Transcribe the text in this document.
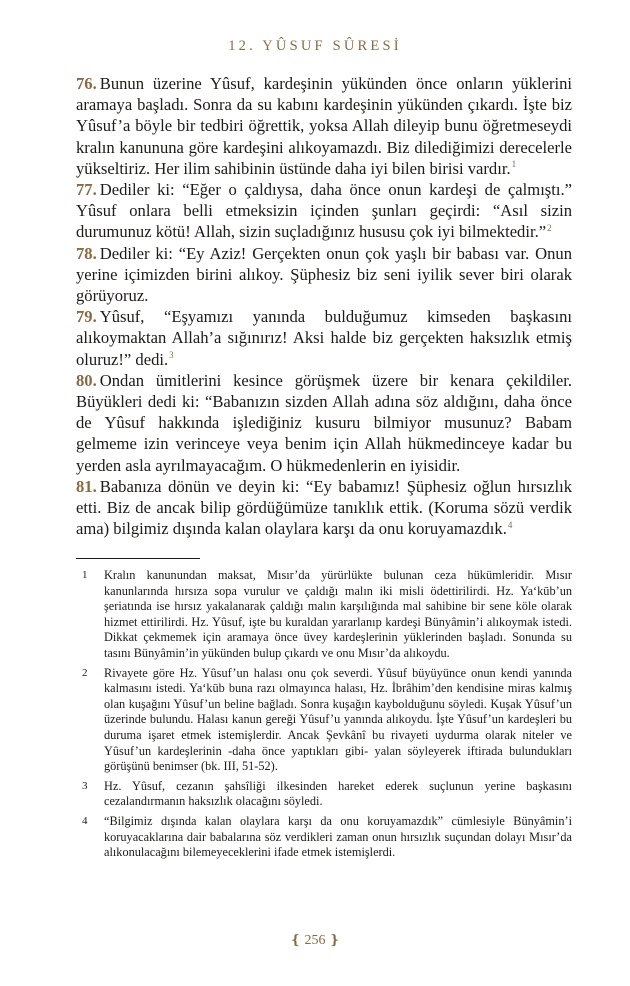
12. YÛSUF SÛRESİ

76. Bunun üzerine Yûsuf, kardeşinin yükünden önce onların yüklerini aramaya başladı. Sonra da su kabını kardeşinin yükünden çıkardı. İşte biz Yûsuf’a böyle bir tedbiri öğrettik, yoksa Allah dileyip bunu öğretmeseydi kralın kanununa göre kardeşini alıkoyamazdı. Biz dilediğimizi derecelerle yükseltiriz. Her ilim sahibinin üstünde daha iyi bilen birisi vardır.$^1$

77. Dediler ki: “Eğer o çaldıysa, daha önce onun kardeşi de çalmıştı.” Yûsuf onlara belli etmeksizin içinden şunları geçirdi: “Asıl sizin durumunuz kötü! Allah, sizin suçladığınız hususu çok iyi bilmektedir.”$^2$

78. Dediler ki: “Ey Aziz! Gerçekten onun çok yaşlı bir babası var. Onun yerine içimizden birini alıkoy. Şüphesiz biz seni iyilik sever biri olarak görüyoruz.

79. Yûsuf, “Eşyamızı yanında bulduğumuz kimseden başkasını alıkoymaktan Allah’a sığınırız! Aksi halde biz gerçekten haksızlık etmiş oluruz!” dedi.$^3$

80. Ondan ümitlerini kesince görüşmek üzere bir kenara çekildiler. Büyükleri dedi ki: “Babanızın sizden Allah adına söz aldığını, daha önce de Yûsuf hakkında işlediğiniz kusuru bilmiyor musunuz? Babam gelmeme izin verinceye veya benim için Allah hükmedinceye kadar bu yerden asla ayrılmayacağım. O hükmedenlerin en iyisidir.

81. Babanıza dönün ve deyin ki: “Ey babamız! Şüphesiz oğlun hırsızlık etti. Biz de ancak bilip gördüğümüze tanıklık ettik. (Koruma sözü verdik ama) bilgimiz dışında kalan olaylara karşı da onu koruyamazdık.$^4$

1	Kralın kanunundan maksat, Mısır’da yürürlükte bulunan ceza hükümleridir. Mısır kanunlarında hırsıza sopa vurulur ve çaldığı malın iki misli ödettirilirdi. Hz. Ya‘kūb’un şeriatında ise hırsız yakalanarak çaldığı malın karşılığında mal sahibine bir sene köle olarak hizmet ettirilirdi. Hz. Yûsuf, işte bu kuraldan yararlanıp kardeşi Bünyâmin’i alıkoymak istedi. Dikkat çekmemek için aramaya önce üvey kardeşlerinin yüklerinden başladı. Sonunda su tasını Bünyâmin’in yükünden bulup çıkardı ve onu Mısır’da alıkoydu.
2	Rivayete göre Hz. Yûsuf’un halası onu çok severdi. Yûsuf büyüyünce onun kendi yanında kalmasını istedi. Ya‘kūb buna razı olmayınca halası, Hz. İbrâhim’den kendisine miras kalmış olan kuşağını Yûsuf’un beline bağladı. Sonra kuşağın kaybolduğunu söyledi. Kuşak Yûsuf’un üzerinde bulundu. Halası kanun gereği Yûsuf’u yanında alıkoydu. İşte Yûsuf’un kardeşleri bu duruma işaret etmek istemişlerdir. Ancak Şevkânî bu rivayeti uydurma olarak niteler ve Yûsuf’un kardeşlerinin -daha önce yaptıkları gibi- yalan söyleyerek iftirada bulundukları görüşünü benimser (bk. III, 51-52).
3	Hz. Yûsuf, cezanın şahsîliği ilkesinden hareket ederek suçlunun yerine başkasını cezalandırmanın haksızlık olacağını söyledi.
4	“Bilgimiz dışında kalan olaylara karşı da onu koruyamazdık” cümlesiyle Bünyâmin’i koruyacaklarına dair babalarına söz verdikleri zaman onun hırsızlık suçundan dolayı Mısır’da alıkonulacağını bilemeyeceklerini ifade etmek istemişlerdi.
❴ 256 ❵
